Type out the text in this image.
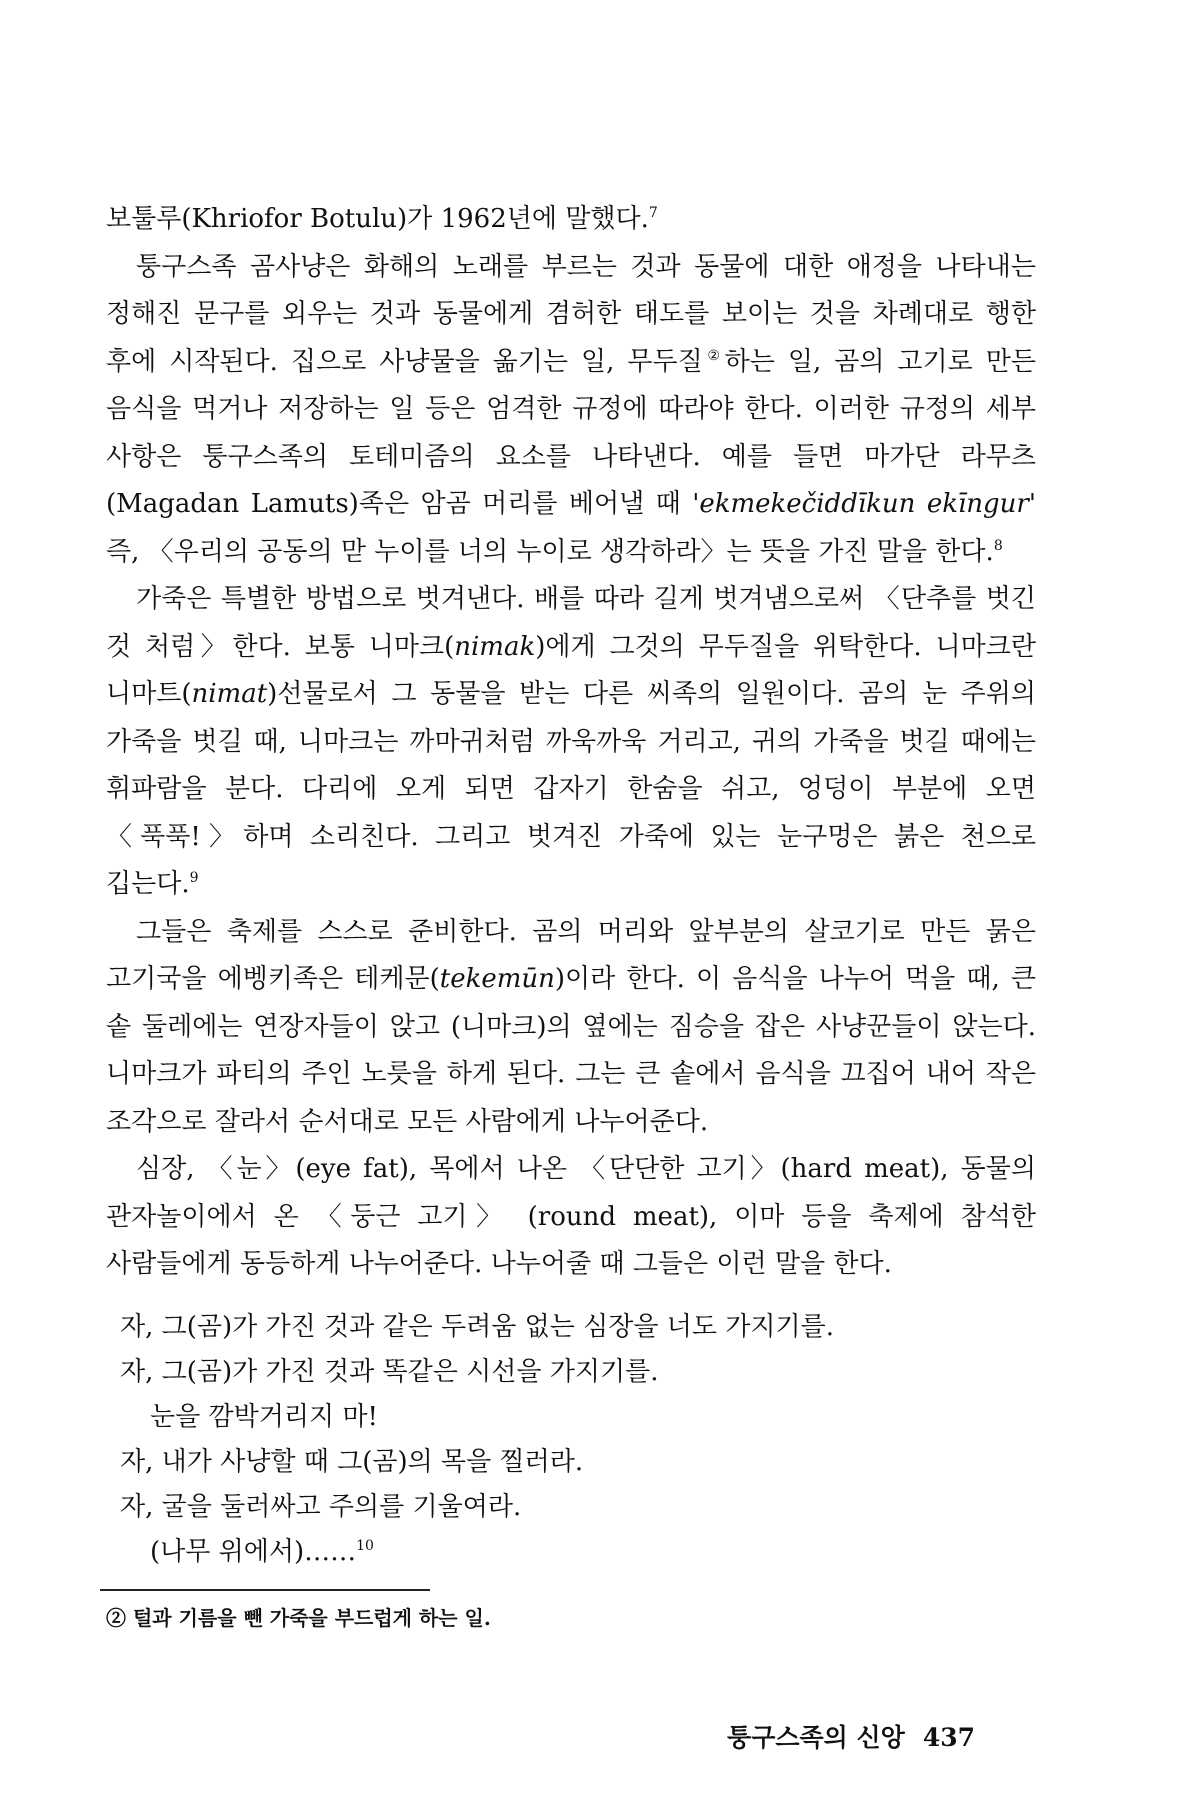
보툴루(Khriofor Botulu)가 1962년에 말했다.$^7$

퉁구스족 곰사냥은 화해의 노래를 부르는 것과 동물에 대한 애정을 나타내는 정해진 문구를 외우는 것과 동물에게 겸허한 태도를 보이는 것을 차례대로 행한 후에 시작된다. 집으로 사냥물을 옮기는 일, 무두질②하는 일, 곰의 고기로 만든 음식을 먹거나 저장하는 일 등은 엄격한 규정에 따라야 한다. 이러한 규정의 세부 사항은 퉁구스족의 토테미즘의 요소를 나타낸다. 예를 들면 마가단 라무츠(Magadan Lamuts)족은 암곰 머리를 베어낼 때 'ekmekečiddīkun ekīngur' 즉, 〈우리의 공동의 맏 누이를 너의 누이로 생각하라〉는 뜻을 가진 말을 한다.$^8$

가죽은 특별한 방법으로 벗겨낸다. 배를 따라 길게 벗겨냄으로써 〈단추를 벗긴 것 처럼〉한다. 보통 니마크(nimak)에게 그것의 무두질을 위탁한다. 니마크란 니마트(nimat)선물로서 그 동물을 받는 다른 씨족의 일원이다. 곰의 눈 주위의 가죽을 벗길 때, 니마크는 까마귀처럼 까욱까욱 거리고, 귀의 가죽을 벗길 때에는 휘파람을 분다. 다리에 오게 되면 갑자기 한숨을 쉬고, 엉덩이 부분에 오면 〈푹푹!〉하며 소리친다. 그리고 벗겨진 가죽에 있는 눈구멍은 붉은 천으로 깁는다.$^9$

그들은 축제를 스스로 준비한다. 곰의 머리와 앞부분의 살코기로 만든 묽은 고기국을 에벵키족은 테케문(tekemūn)이라 한다. 이 음식을 나누어 먹을 때, 큰 솥 둘레에는 연장자들이 앉고 (니마크)의 옆에는 짐승을 잡은 사냥꾼들이 앉는다. 니마크가 파티의 주인 노릇을 하게 된다. 그는 큰 솥에서 음식을 끄집어 내어 작은 조각으로 잘라서 순서대로 모든 사람에게 나누어준다.

심장, 〈눈〉(eye fat), 목에서 나온 〈단단한 고기〉(hard meat), 동물의 관자놀이에서 온 〈둥근 고기〉 (round meat), 이마 등을 축제에 참석한 사람들에게 동등하게 나누어준다. 나누어줄 때 그들은 이런 말을 한다.

자, 그(곰)가 가진 것과 같은 두려움 없는 심장을 너도 가지기를.
자, 그(곰)가 가진 것과 똑같은 시선을 가지기를.
눈을 깜박거리지 마!
자, 내가 사냥할 때 그(곰)의 목을 찔러라.
자, 굴을 둘러싸고 주의를 기울여라.
(나무 위에서)……$^{10}$
② 털과 기름을 뺀 가죽을 부드럽게 하는 일.
퉁구스족의 신앙 437
